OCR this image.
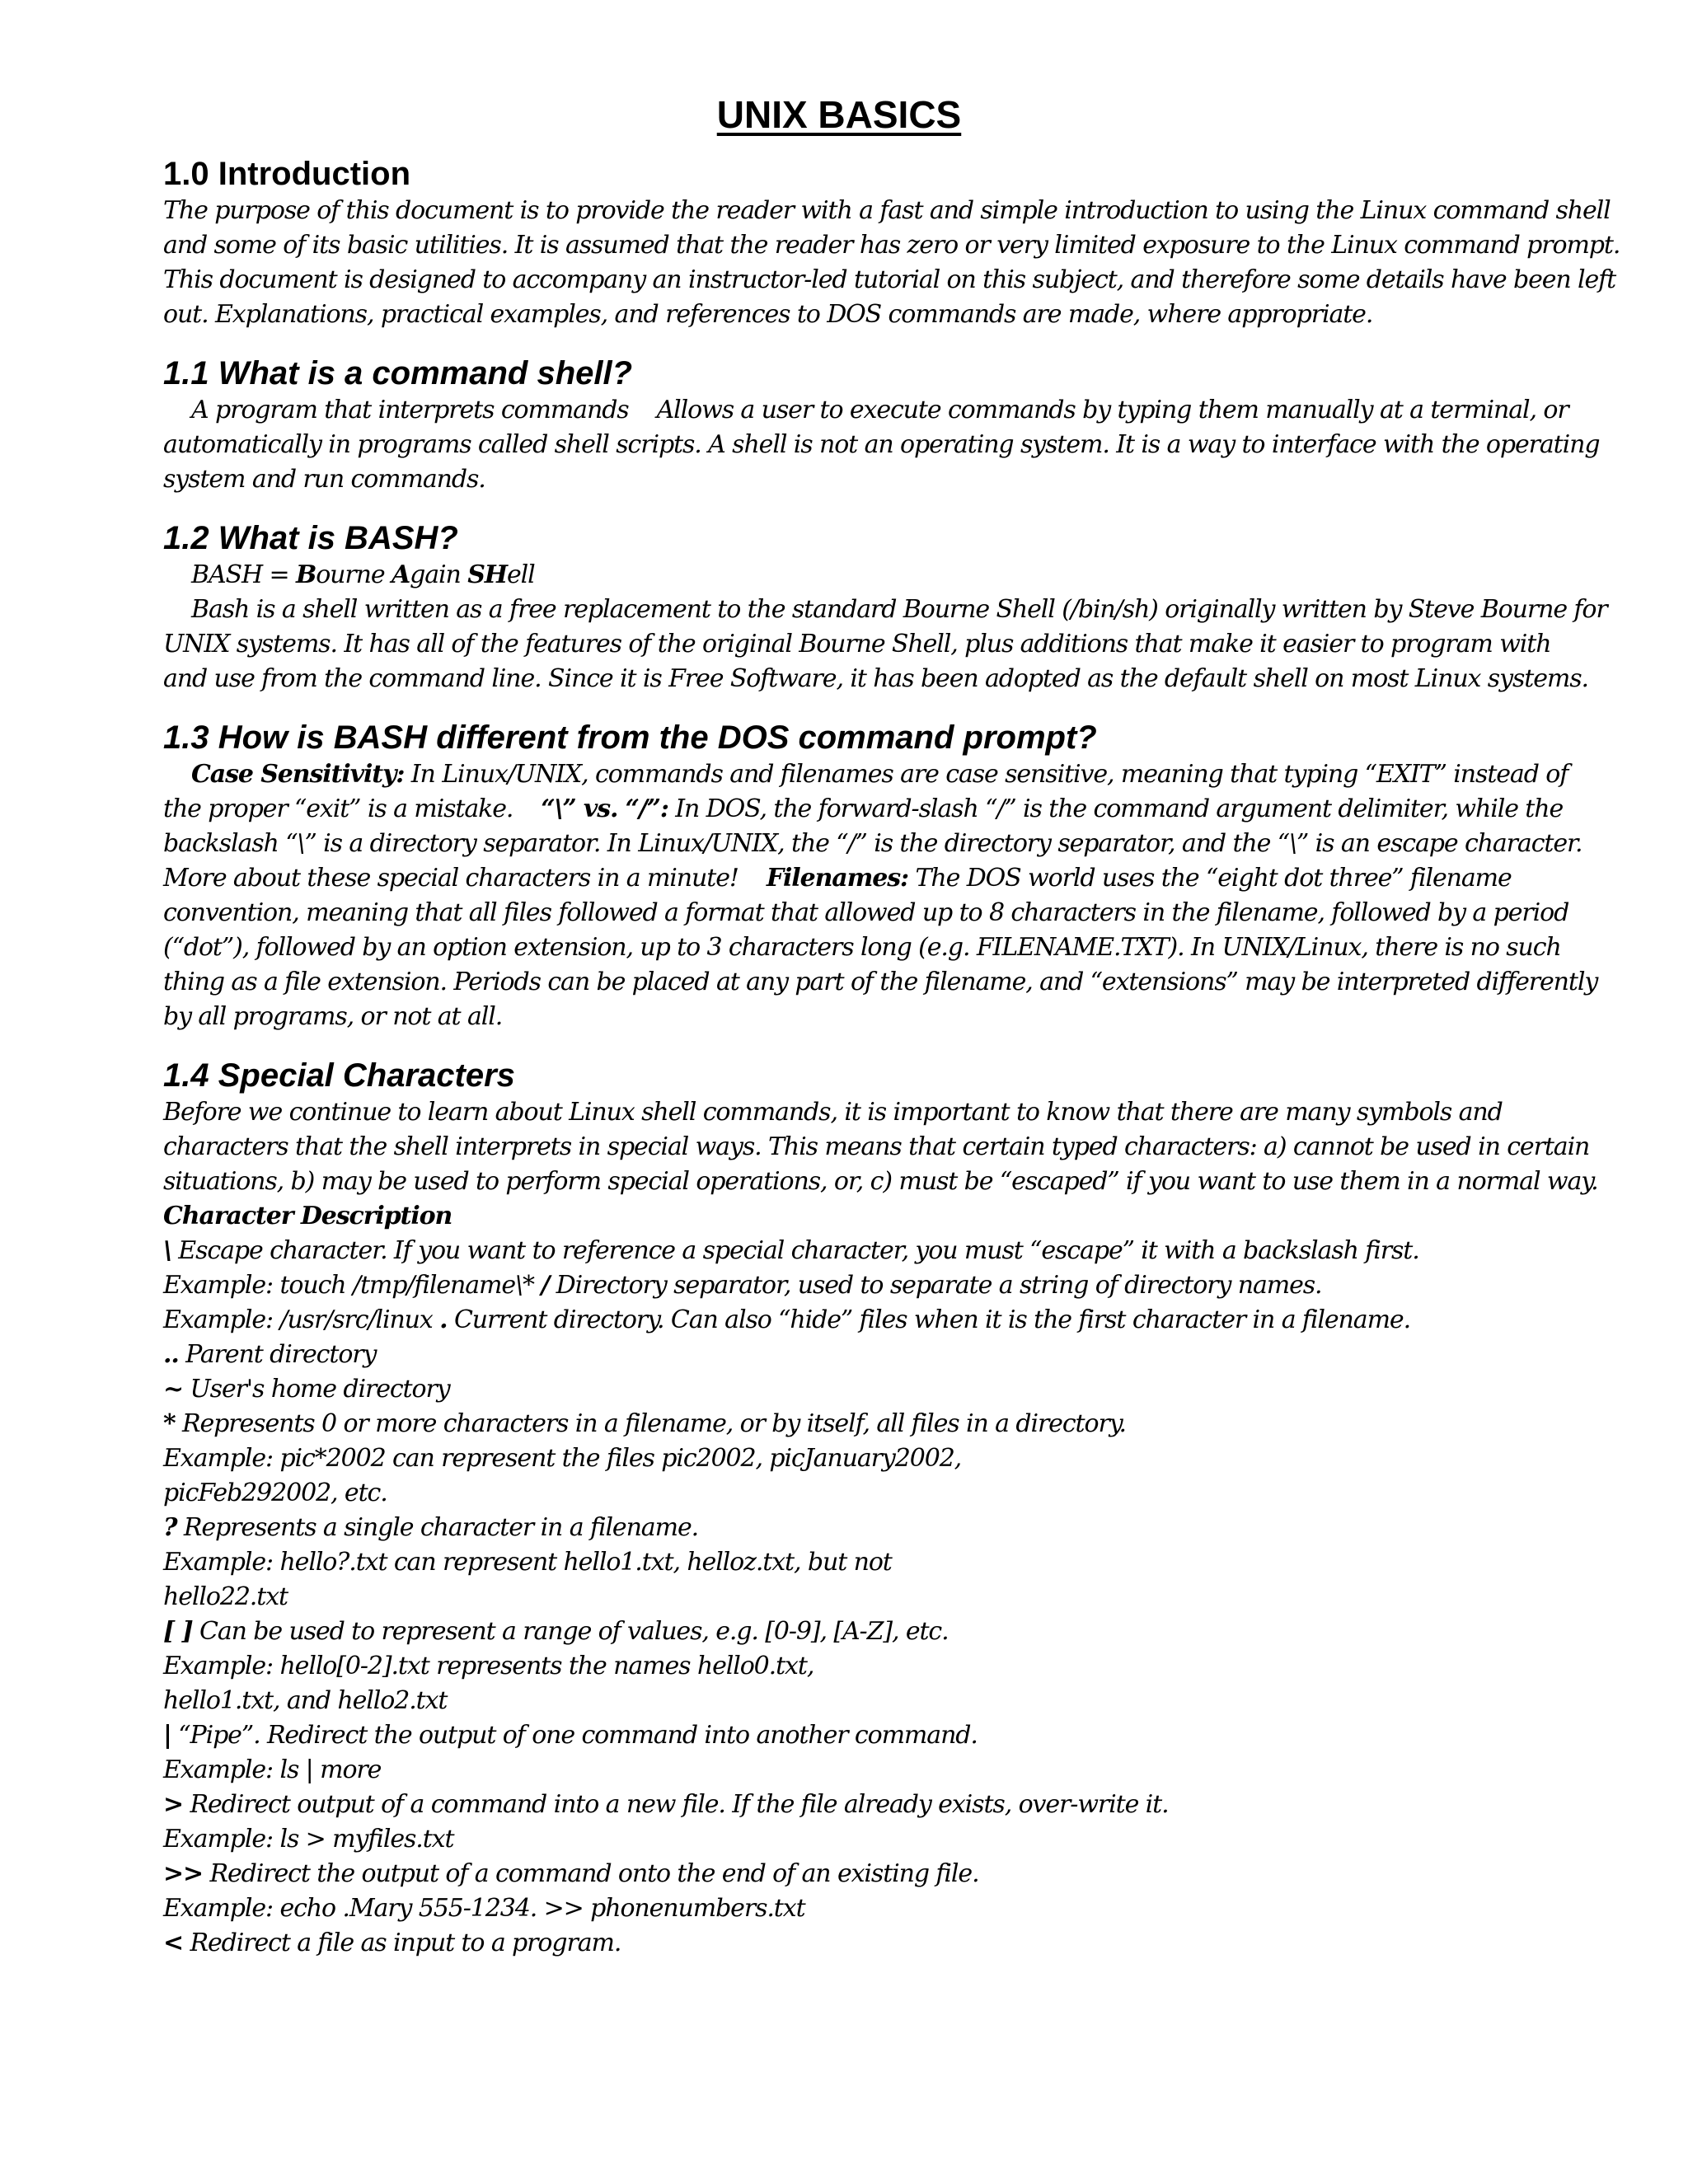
UNIX BASICS
1.0 Introduction

The purpose of this document is to provide the reader with a fast and simple introduction to using the Linux command shell

and some of its basic utilities. It is assumed that the reader has zero or very limited exposure to the Linux command prompt.

This document is designed to accompany an instructor-led tutorial on this subject, and therefore some details have been left

out. Explanations, practical examples, and references to DOS commands are made, where appropriate.

1.1 What is a command shell?

A program that interprets commands Allows a user to execute commands by typing them manually at a terminal, or

automatically in programs called shell scripts. A shell is not an operating system. It is a way to interface with the operating

system and run commands.

1.2 What is BASH?

BASH = Bourne Again SHell

Bash is a shell written as a free replacement to the standard Bourne Shell (/bin/sh) originally written by Steve Bourne for

UNIX systems. It has all of the features of the original Bourne Shell, plus additions that make it easier to program with

and use from the command line. Since it is Free Software, it has been adopted as the default shell on most Linux systems.

1.3 How is BASH different from the DOS command prompt?

Case Sensitivity: In Linux/UNIX, commands and filenames are case sensitive, meaning that typing “EXIT” instead of

the proper “exit” is a mistake. “\” vs. “/”: In DOS, the forward-slash “/” is the command argument delimiter, while the

backslash “\” is a directory separator. In Linux/UNIX, the “/” is the directory separator, and the “\” is an escape character.

More about these special characters in a minute! Filenames: The DOS world uses the “eight dot three” filename

convention, meaning that all files followed a format that allowed up to 8 characters in the filename, followed by a period

(“dot”), followed by an option extension, up to 3 characters long (e.g. FILENAME.TXT). In UNIX/Linux, there is no such

thing as a file extension. Periods can be placed at any part of the filename, and “extensions” may be interpreted differently

by all programs, or not at all.

1.4 Special Characters

Before we continue to learn about Linux shell commands, it is important to know that there are many symbols and

characters that the shell interprets in special ways. This means that certain typed characters: a) cannot be used in certain

situations, b) may be used to perform special operations, or, c) must be “escaped” if you want to use them in a normal way.

Character Description

\ Escape character. If you want to reference a special character, you must “escape” it with a backslash first.

Example: touch /tmp/filename\* / Directory separator, used to separate a string of directory names.

Example: /usr/src/linux . Current directory. Can also “hide” files when it is the first character in a filename.

.. Parent directory

~ User's home directory

* Represents 0 or more characters in a filename, or by itself, all files in a directory.

Example: pic*2002 can represent the files pic2002, picJanuary2002,

picFeb292002, etc.

? Represents a single character in a filename.

Example: hello?.txt can represent hello1.txt, helloz.txt, but not

hello22.txt

[ ] Can be used to represent a range of values, e.g. [0-9], [A-Z], etc.

Example: hello[0-2].txt represents the names hello0.txt,

hello1.txt, and hello2.txt

| “Pipe”. Redirect the output of one command into another command.

Example: ls | more

> Redirect output of a command into a new file. If the file already exists, over-write it.

Example: ls > myfiles.txt

>> Redirect the output of a command onto the end of an existing file.

Example: echo .Mary 555-1234. >> phonenumbers.txt

< Redirect a file as input to a program.
